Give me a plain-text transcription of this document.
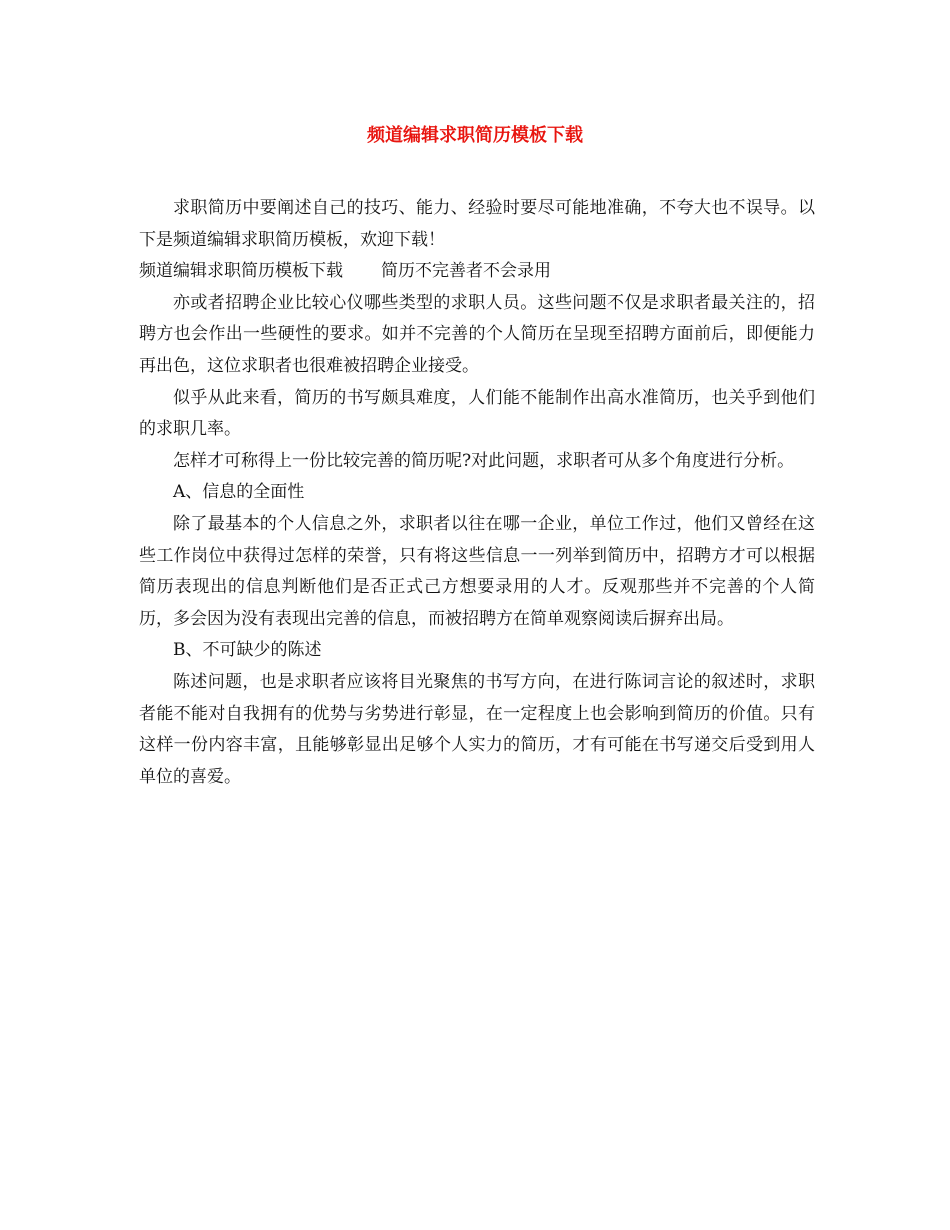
频道编辑求职简历模板下载

求职简历中要阐述自己的技巧、能力、经验时要尽可能地准确，不夸大也不误导。以下是频道编辑求职简历模板，欢迎下载！

频道编辑求职简历模板下载 简历不完善者不会录用

亦或者招聘企业比较心仪哪些类型的求职人员。这些问题不仅是求职者最关注的，招聘方也会作出一些硬性的要求。如并不完善的个人简历在呈现至招聘方面前后，即便能力再出色，这位求职者也很难被招聘企业接受。

似乎从此来看，简历的书写颇具难度，人们能不能制作出高水准简历，也关乎到他们的求职几率。

怎样才可称得上一份比较完善的简历呢?对此问题，求职者可从多个角度进行分析。

A、信息的全面性

除了最基本的个人信息之外，求职者以往在哪一企业，单位工作过，他们又曾经在这些工作岗位中获得过怎样的荣誉，只有将这些信息一一列举到简历中，招聘方才可以根据简历表现出的信息判断他们是否正式己方想要录用的人才。反观那些并不完善的个人简历，多会因为没有表现出完善的信息，而被招聘方在简单观察阅读后摒弃出局。

B、不可缺少的陈述

陈述问题，也是求职者应该将目光聚焦的书写方向，在进行陈词言论的叙述时，求职者能不能对自我拥有的优势与劣势进行彰显，在一定程度上也会影响到简历的价值。只有这样一份内容丰富，且能够彰显出足够个人实力的简历，才有可能在书写递交后受到用人单位的喜爱。
